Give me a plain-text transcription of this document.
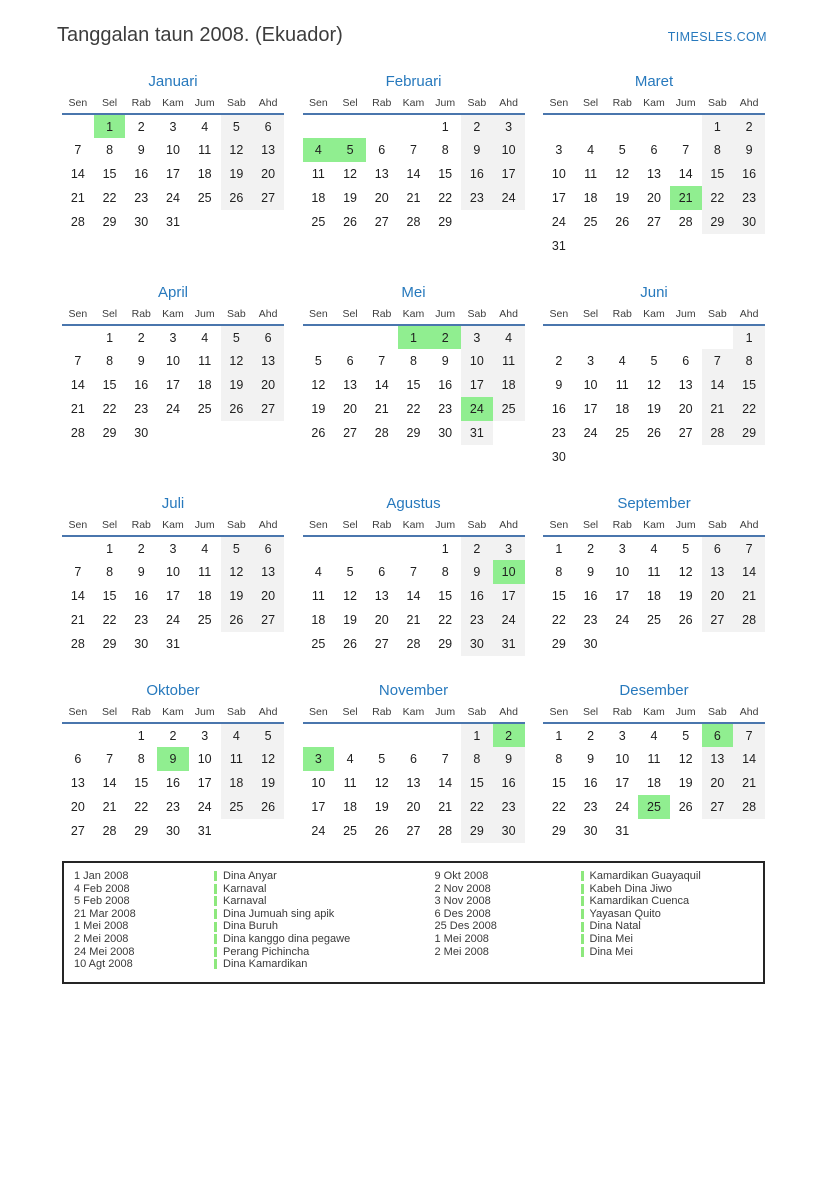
Tanggalan taun 2008. (Ekuador)	TIMESLES.COM
Januari
Sen	Sel	Rab	Kam	Jum	Sab	Ahd
	1	2	3	4	5	6
7	8	9	10	11	12	13
14	15	16	17	18	19	20
21	22	23	24	25	26	27
28	29	30	31			
Februari
Sen	Sel	Rab	Kam	Jum	Sab	Ahd
				1	2	3
4	5	6	7	8	9	10
11	12	13	14	15	16	17
18	19	20	21	22	23	24
25	26	27	28	29		
Maret
Sen	Sel	Rab	Kam	Jum	Sab	Ahd
					1	2
3	4	5	6	7	8	9
10	11	12	13	14	15	16
17	18	19	20	21	22	23
24	25	26	27	28	29	30
31						
April
Sen	Sel	Rab	Kam	Jum	Sab	Ahd
	1	2	3	4	5	6
7	8	9	10	11	12	13
14	15	16	17	18	19	20
21	22	23	24	25	26	27
28	29	30				
Mei
Sen	Sel	Rab	Kam	Jum	Sab	Ahd
			1	2	3	4
5	6	7	8	9	10	11
12	13	14	15	16	17	18
19	20	21	22	23	24	25
26	27	28	29	30	31	
Juni
Sen	Sel	Rab	Kam	Jum	Sab	Ahd
						1
2	3	4	5	6	7	8
9	10	11	12	13	14	15
16	17	18	19	20	21	22
23	24	25	26	27	28	29
30						
Juli
Sen	Sel	Rab	Kam	Jum	Sab	Ahd
	1	2	3	4	5	6
7	8	9	10	11	12	13
14	15	16	17	18	19	20
21	22	23	24	25	26	27
28	29	30	31			
Agustus
Sen	Sel	Rab	Kam	Jum	Sab	Ahd
				1	2	3
4	5	6	7	8	9	10
11	12	13	14	15	16	17
18	19	20	21	22	23	24
25	26	27	28	29	30	31
September
Sen	Sel	Rab	Kam	Jum	Sab	Ahd
1	2	3	4	5	6	7
8	9	10	11	12	13	14
15	16	17	18	19	20	21
22	23	24	25	26	27	28
29	30					
Oktober
Sen	Sel	Rab	Kam	Jum	Sab	Ahd
		1	2	3	4	5
6	7	8	9	10	11	12
13	14	15	16	17	18	19
20	21	22	23	24	25	26
27	28	29	30	31		
November
Sen	Sel	Rab	Kam	Jum	Sab	Ahd
					1	2
3	4	5	6	7	8	9
10	11	12	13	14	15	16
17	18	19	20	21	22	23
24	25	26	27	28	29	30
Desember
Sen	Sel	Rab	Kam	Jum	Sab	Ahd
1	2	3	4	5	6	7
8	9	10	11	12	13	14
15	16	17	18	19	20	21
22	23	24	25	26	27	28
29	30	31				
1 Jan 2008	Dina Anyar
4 Feb 2008	Karnaval
5 Feb 2008	Karnaval
21 Mar 2008	Dina Jumuah sing apik
1 Mei 2008	Dina Buruh
2 Mei 2008	Dina kanggo dina pegawe
24 Mei 2008	Perang Pichincha
10 Agt 2008	Dina Kamardikan
9 Okt 2008	Kamardikan Guayaquil
2 Nov 2008	Kabeh Dina Jiwo
3 Nov 2008	Kamardikan Cuenca
6 Des 2008	Yayasan Quito
25 Des 2008	Dina Natal
1 Mei 2008	Dina Mei
2 Mei 2008	Dina Mei
